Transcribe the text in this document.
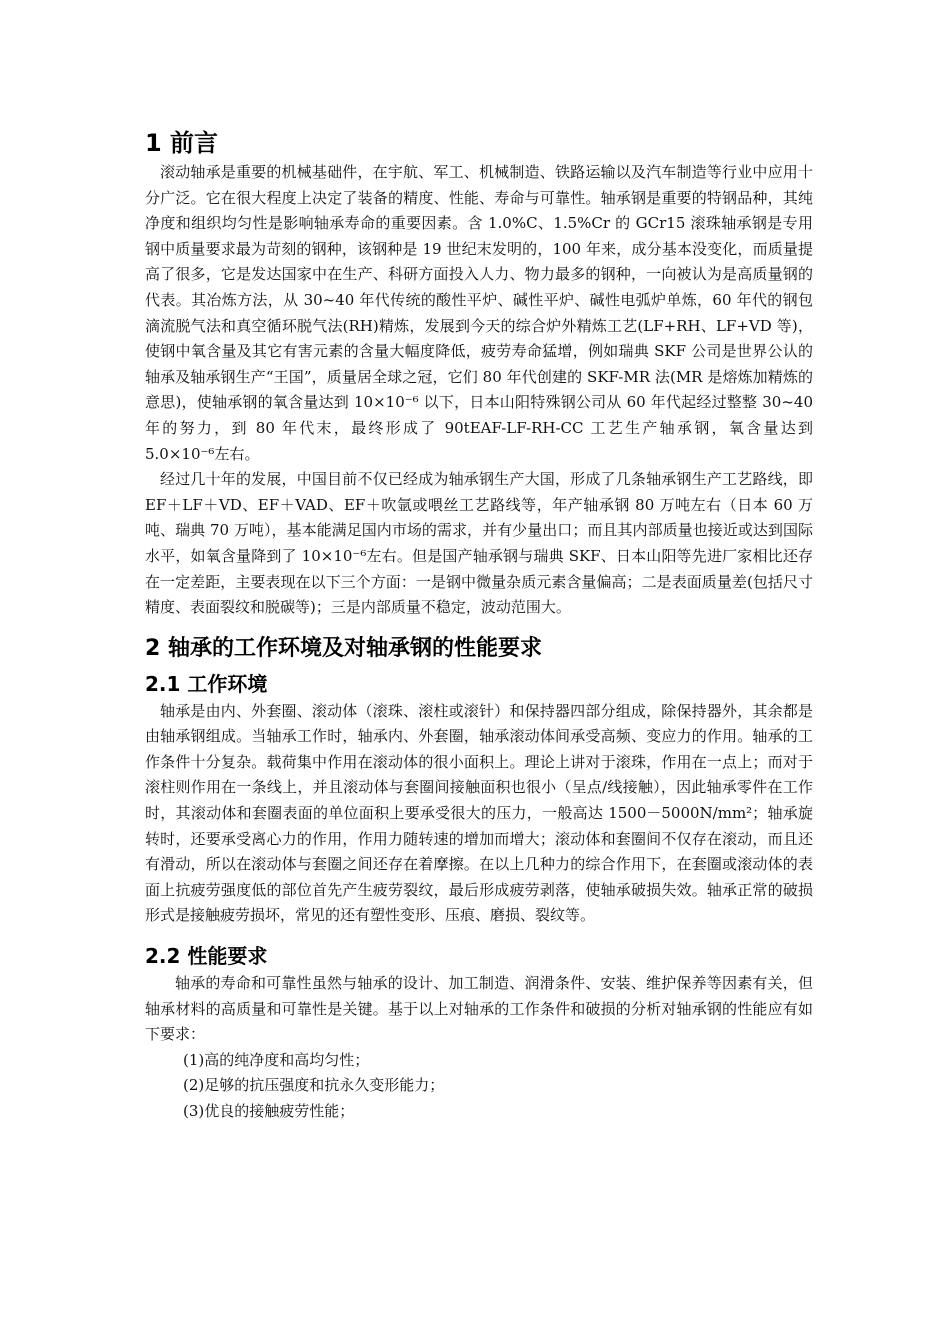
1 前言

滚动轴承是重要的机械基础件，在宇航、军工、机械制造、铁路运输以及汽车制造等行业中应用十分广泛。它在很大程度上决定了装备的精度、性能、寿命与可靠性。轴承钢是重要的特钢品种，其纯净度和组织均匀性是影响轴承寿命的重要因素。含 1.0%C、1.5%Cr 的 GCr15 滚珠轴承钢是专用钢中质量要求最为苛刻的钢种，该钢种是 19 世纪末发明的，100 年来，成分基本没变化，而质量提高了很多，它是发达国家中在生产、科研方面投入人力、物力最多的钢种，一向被认为是高质量钢的代表。其冶炼方法，从 30~40 年代传统的酸性平炉、碱性平炉、碱性电弧炉单炼，60 年代的钢包滴流脱气法和真空循环脱气法(RH)精炼，发展到今天的综合炉外精炼工艺(LF+RH、LF+VD 等)，使钢中氧含量及其它有害元素的含量大幅度降低，疲劳寿命猛增，例如瑞典 SKF 公司是世界公认的轴承及轴承钢生产“王国”，质量居全球之冠，它们 80 年代创建的 SKF-MR 法(MR 是熔炼加精炼的意思)，使轴承钢的氧含量达到 10×10⁻⁶ 以下，日本山阳特殊钢公司从 60 年代起经过整整 30~40 年的努力，到 80 年代末，最终形成了 90tEAF-LF-RH-CC 工艺生产轴承钢，氧含量达到 5.0×10⁻⁶左右。

经过几十年的发展，中国目前不仅已经成为轴承钢生产大国，形成了几条轴承钢生产工艺路线，即 EF＋LF＋VD、EF＋VAD、EF＋吹氩或喂丝工艺路线等，年产轴承钢 80 万吨左右（日本 60 万吨、瑞典 70 万吨），基本能满足国内市场的需求，并有少量出口；而且其内部质量也接近或达到国际水平，如氧含量降到了 10×10⁻⁶左右。但是国产轴承钢与瑞典 SKF、日本山阳等先进厂家相比还存在一定差距，主要表现在以下三个方面：一是钢中微量杂质元素含量偏高；二是表面质量差(包括尺寸精度、表面裂纹和脱碳等)；三是内部质量不稳定，波动范围大。

2 轴承的工作环境及对轴承钢的性能要求
2.1 工作环境

轴承是由内、外套圈、滚动体（滚珠、滚柱或滚针）和保持器四部分组成，除保持器外，其余都是由轴承钢组成。当轴承工作时，轴承内、外套圈，轴承滚动体间承受高频、变应力的作用。轴承的工作条件十分复杂。载荷集中作用在滚动体的很小面积上。理论上讲对于滚珠，作用在一点上；而对于滚柱则作用在一条线上，并且滚动体与套圈间接触面积也很小（呈点/线接触），因此轴承零件在工作时，其滚动体和套圈表面的单位面积上要承受很大的压力，一般高达 1500－5000N/mm²；轴承旋转时，还要承受离心力的作用，作用力随转速的增加而增大；滚动体和套圈间不仅存在滚动，而且还有滑动，所以在滚动体与套圈之间还存在着摩擦。在以上几种力的综合作用下，在套圈或滚动体的表面上抗疲劳强度低的部位首先产生疲劳裂纹，最后形成疲劳剥落，使轴承破损失效。轴承正常的破损形式是接触疲劳损坏，常见的还有塑性变形、压痕、磨损、裂纹等。

2.2 性能要求

轴承的寿命和可靠性虽然与轴承的设计、加工制造、润滑条件、安装、维护保养等因素有关，但轴承材料的高质量和可靠性是关键。基于以上对轴承的工作条件和破损的分析对轴承钢的性能应有如下要求：

(1)高的纯净度和高均匀性；
(2)足够的抗压强度和抗永久变形能力；
(3)优良的接触疲劳性能；
